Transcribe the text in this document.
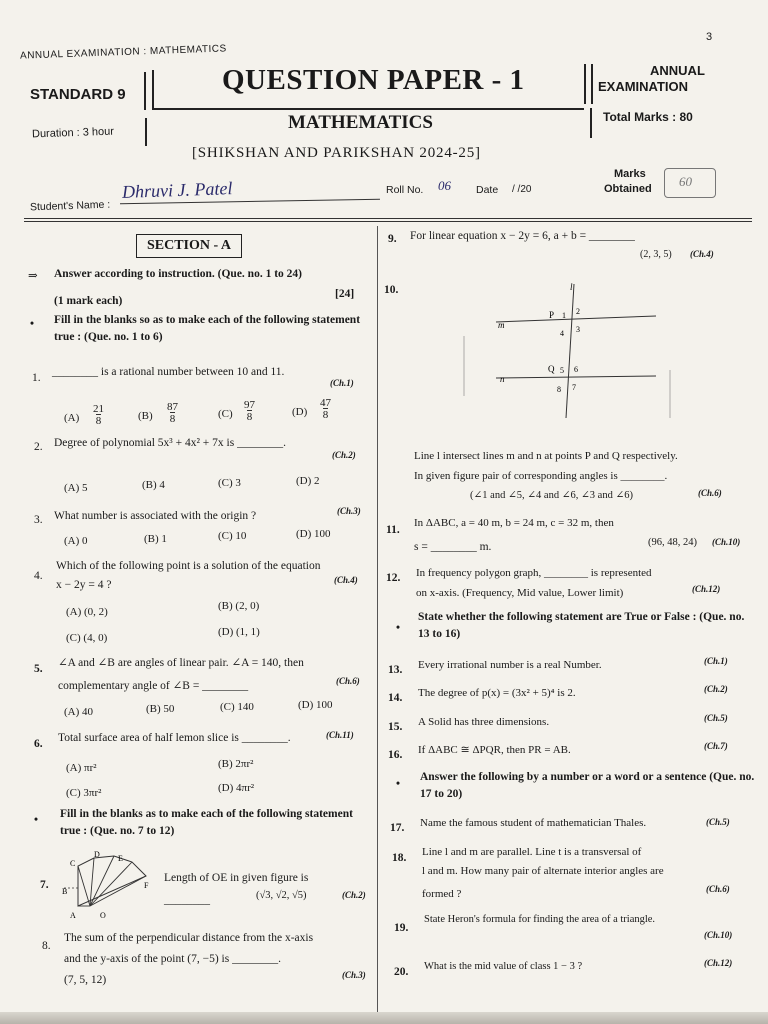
3
ANNUAL EXAMINATION : MATHEMATICS
STANDARD 9	QUESTION PAPER - 1	ANNUAL
EXAMINATION
Duration : 3 hour	MATHEMATICS	Total Marks : 80
[SHIKSHAN AND PARIKSHAN 2024-25]
Student's Name :
Dhruvi J. Patel	Roll No. 06 Date / /20
Marks
Obtained 60
SECTION - A
⇒ Answer according to instruction. (Que. no. 1 to 24)
(1 mark each)
[24]
• Fill in the blanks so as to make each of the following statement true : (Que. no. 1 to 6)
1. ________ is a rational number between 10 and 11.
(Ch.1)
(A)
21
8	(B)
87
8	(C)
97
8	(D)
47
8
2. Degree of polynomial 5x³ + 4x² + 7x is ________.
(Ch.2)
(A) 5	(B) 4	(C) 3	(D) 2
3. What number is associated with the origin ?	(Ch.3)
(A) 0	(B) 1	(C) 10	(D) 100
4.
Which of the following point is a solution of the equation
x − 2y = 4 ?	(Ch.4)
(A) (0, 2)	(B) (2, 0)
(C) (4, 0)	(D) (1, 1)
5. ∠A and ∠B are angles of linear pair. ∠A = 140, then
complementary angle of ∠B = ________	(Ch.6)
(A) 40	(B) 50	(C) 140	(D) 100
6. Total surface area of half lemon slice is ________.	(Ch.11)
(A) πr²	(B) 2πr²
(C) 3πr²	(D) 4πr²
• Fill in the blanks as to make each of the following statement true : (Que. no. 7 to 12)
7.
C
D E
B
F
A	O
Length of OE in given figure is
________	(√3, √2, √5)	(Ch.2)
8.
The sum of the perpendicular distance from the x-axis
and the y-axis of the point (7, −5) is ________.
(7, 5, 12)	(Ch.3)
9. For linear equation x − 2y = 6, a + b = ________
(2, 3, 5) (Ch.4)
10.	l
m
n
P
Q
1 2
3
4
5 6
7
8
Line l intersect lines m and n at points P and Q respectively.
In given figure pair of corresponding angles is ________.
(∠1 and ∠5, ∠4 and ∠6, ∠3 and ∠6)	(Ch.6)
11.
In ΔABC, a = 40 m, b = 24 m, c = 32 m, then
s = ________ m.	(96, 48, 24) (Ch.10)
12. In frequency polygon graph, ________ is represented
on x-axis. (Frequency, Mid value, Lower limit)	(Ch.12)
•
State whether the following statement are True or False : (Que. no. 13 to 16)
13. Every irrational number is a real Number.	(Ch.1)
14. The degree of p(x) = (3x² + 5)⁴ is 2.	(Ch.2)
15. A Solid has three dimensions.	(Ch.5)
16. If ΔABC ≅ ΔPQR, then PR = AB.	(Ch.7)
•
Answer the following by a number or a word or a sentence (Que. no. 17 to 20)
17. Name the famous student of mathematician Thales.	(Ch.5)
18. Line l and m are parallel. Line t is a transversal of
l and m. How many pair of alternate interior angles are
formed ?	(Ch.6)
19.
State Heron's formula for finding the area of a triangle.
(Ch.10)
20. What is the mid value of class 1 − 3 ?	(Ch.12)
